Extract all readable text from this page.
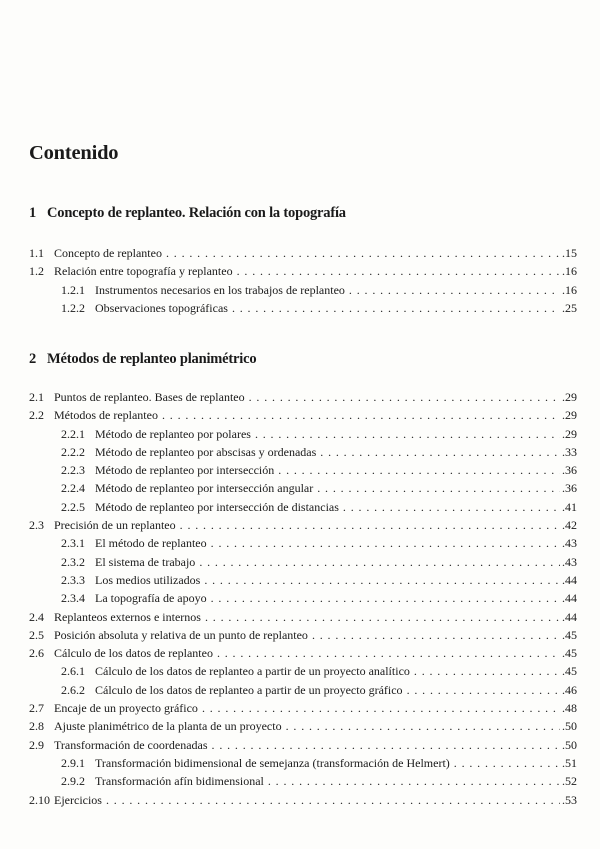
Contenido
1 Concepto de replanteo. Relación con la topografía
1.1 Concepto de replanteo . . .	.15
1.2 Relación entre topografía y replanteo . . .	.16
1.2.1 Instrumentos necesarios en los trabajos de replanteo . . .	.16
1.2.2 Observaciones topográficas . . .	.25
2 Métodos de replanteo planimétrico
2.1 Puntos de replanteo. Bases de replanteo . . .	.29
2.2 Métodos de replanteo . . .	.29
2.2.1 Método de replanteo por polares . . .	.29
2.2.2 Método de replanteo por abscisas y ordenadas . . .	.33
2.2.3 Método de replanteo por intersección . . .	.36
2.2.4 Método de replanteo por intersección angular . . .	.36
2.2.5 Método de replanteo por intersección de distancias . . .	.41
2.3 Precisión de un replanteo . . .	.42
2.3.1 El método de replanteo . . .	.43
2.3.2 El sistema de trabajo . . .	.43
2.3.3 Los medios utilizados . . .	.44
2.3.4 La topografía de apoyo . . .	.44
2.4 Replanteos externos e internos . . .	.44
2.5 Posición absoluta y relativa de un punto de replanteo . . .	.45
2.6 Cálculo de los datos de replanteo . . .	.45
2.6.1 Cálculo de los datos de replanteo a partir de un proyecto analítico . . .	.45
2.6.2 Cálculo de los datos de replanteo a partir de un proyecto gráfico . . .	.46
2.7 Encaje de un proyecto gráfico . . .	.48
2.8 Ajuste planimétrico de la planta de un proyecto . . .	.50
2.9 Transformación de coordenadas . . .	.50
2.9.1 Transformación bidimensional de semejanza (transformación de Helmert) . . .	.51
2.9.2 Transformación afín bidimensional . . .	.52
2.10 Ejercicios . . .	.53
